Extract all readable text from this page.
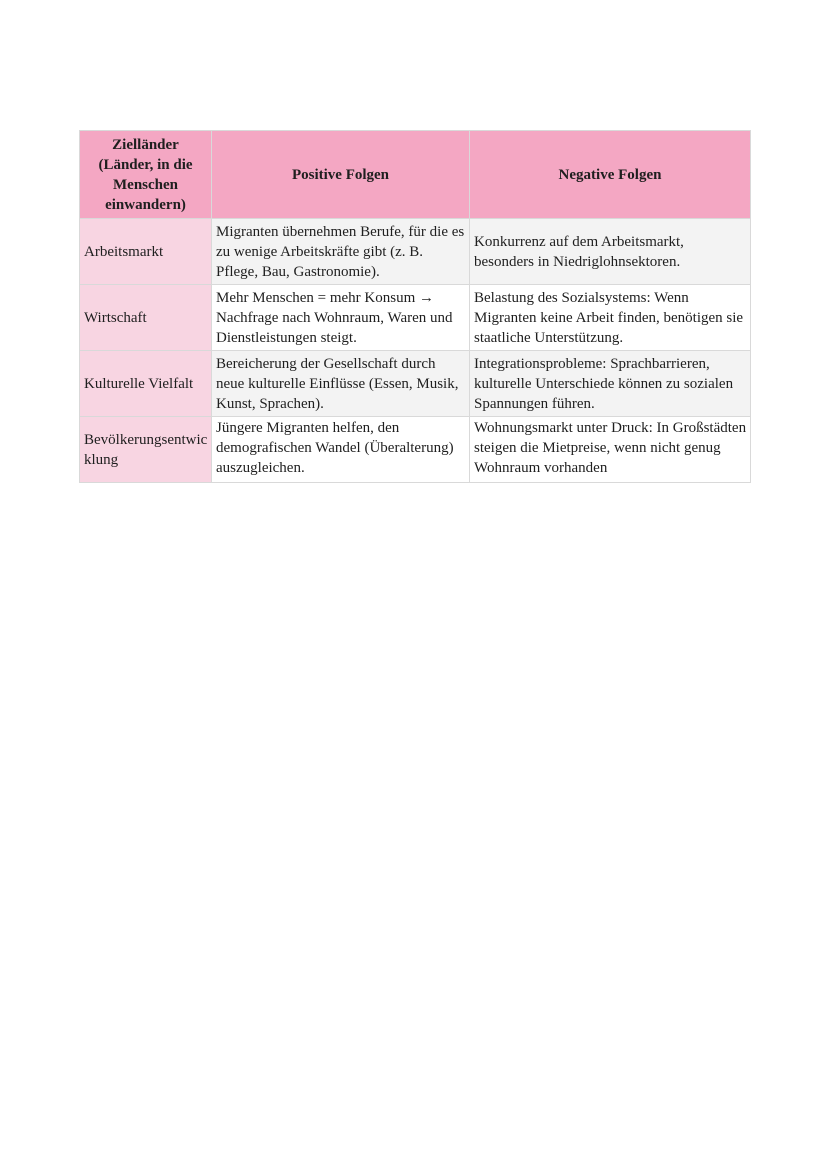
Zielländer (Länder, in die Menschen einwandern)	Positive Folgen	Negative Folgen
Arbeitsmarkt	Migranten übernehmen Berufe, für die es zu wenige Arbeitskräfte gibt (z. B. Pflege, Bau, Gastronomie).	Konkurrenz auf dem Arbeitsmarkt, besonders in Niedriglohnsektoren.
Wirtschaft	Mehr Menschen = mehr Konsum → Nachfrage nach Wohnraum, Waren und Dienstleistungen steigt.	Belastung des Sozialsystems: Wenn Migranten keine Arbeit finden, benötigen sie staatliche Unterstützung.
Kulturelle Vielfalt	Bereicherung der Gesellschaft durch neue kulturelle Einflüsse (Essen, Musik, Kunst, Sprachen).	Integrationsprobleme: Sprachbarrieren, kulturelle Unterschiede können zu sozialen Spannungen führen.
Bevölkerungsentwicklung	Jüngere Migranten helfen, den demografischen Wandel (Überalterung) auszugleichen.	Wohnungsmarkt unter Druck: In Großstädten steigen die Mietpreise, wenn nicht genug Wohnraum vorhanden
